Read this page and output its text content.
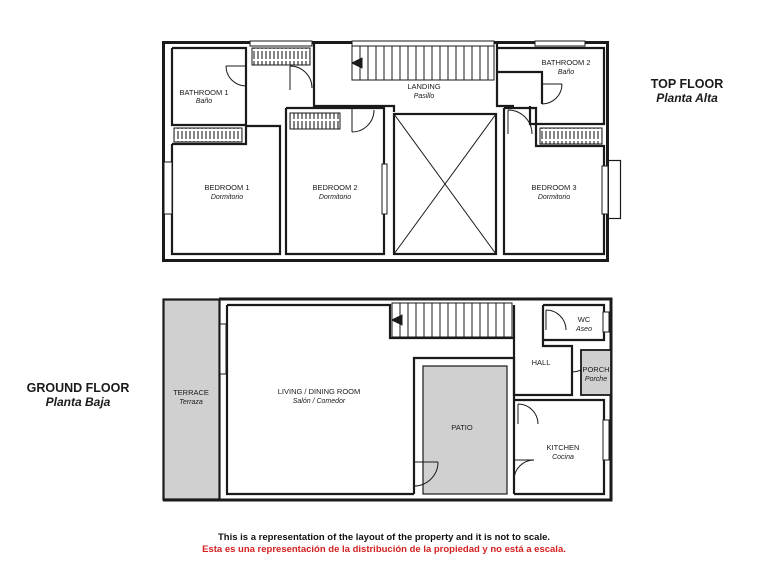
BATHROOM 1
Baño
LANDING
Pasillo
BATHROOM 2
Baño
BEDROOM 1
Dormitorio
BEDROOM 2
Dormitorio
BEDROOM 3
Dormitorio
TOP FLOOR
Planta Alta
TERRACE
Terraza
LIVING / DINING ROOM
Salón / Comedor
PATIO
WC
Aseo
HALL
PORCH
Porche
KITCHEN
Cocina
GROUND FLOOR
Planta Baja
This is a representation of the layout of the property and it is not to scale.
Esta es una representación de la distribución de la propiedad y no está a escala.
